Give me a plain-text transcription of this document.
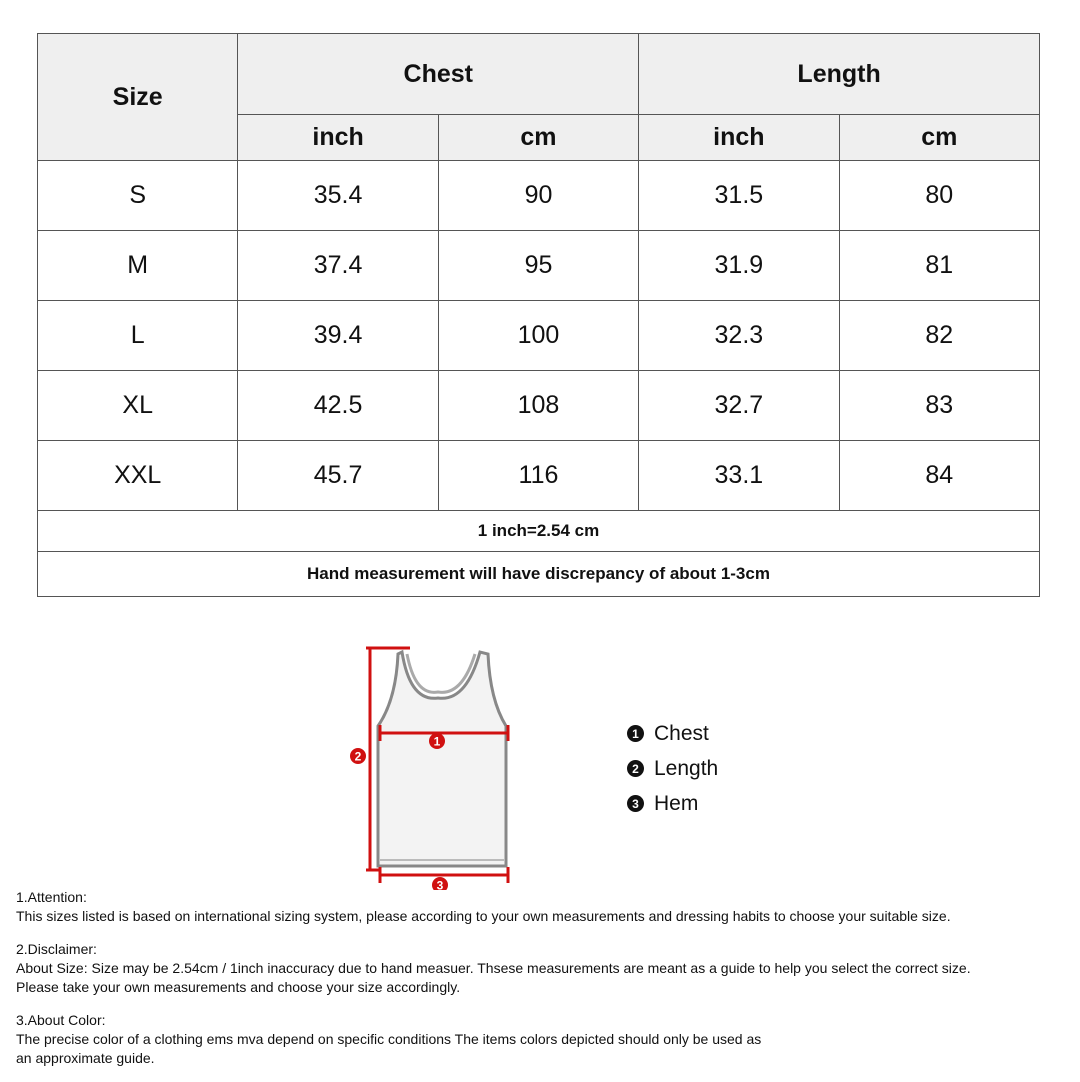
Size	Chest		Length	
	inch	cm	inch	cm
S	35.4	90	31.5	80
M	37.4	95	31.9	81
L	39.4	100	32.3	82
XL	42.5	108	32.7	83
XXL	45.7	116	33.1	84
1 inch=2.54 cm				
Hand measurement will have discrepancy of about 1-3cm				
1
2
3
1 Chest
2 Length
3 Hem

1.Attention:

This sizes listed is based on international sizing system, please according to your own measurements and dressing habits to choose your suitable size.

2.Disclaimer:

About Size: Size may be 2.54cm / 1inch inaccuracy due to hand measuer. Thsese measurements are meant as a guide to help you select the correct size.

Please take your own measurements and choose your size accordingly.

3.About Color:

The precise color of a clothing ems mva depend on specific conditions The items colors depicted should only be used as

an approximate guide.
